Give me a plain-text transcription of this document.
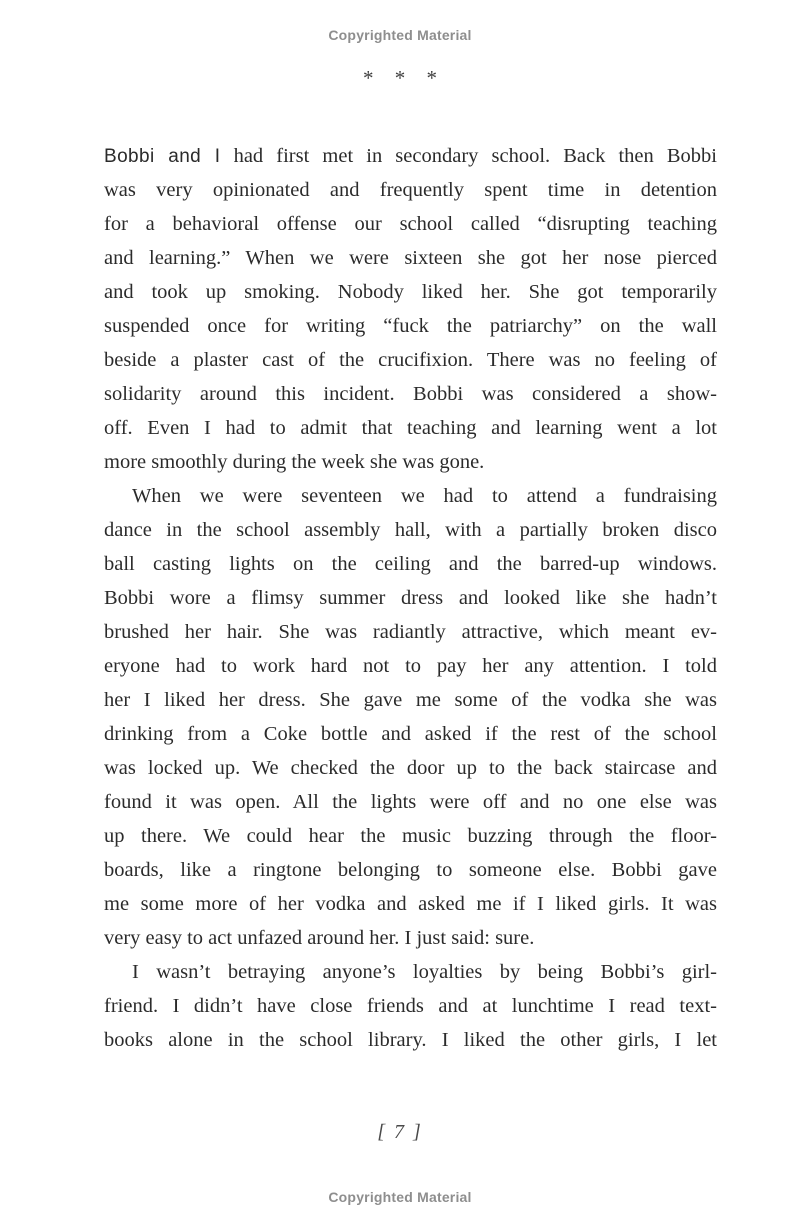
Copyrighted Material
* * *
Bobbi and I had first met in secondary school. Back then Bobbi
was very opinionated and frequently spent time in detention
for a behavioral offense our school called “disrupting teaching
and learning.” When we were sixteen she got her nose pierced
and took up smoking. Nobody liked her. She got temporarily
suspended once for writing “fuck the patriarchy” on the wall
beside a plaster cast of the crucifixion. There was no feeling of
solidarity around this incident. Bobbi was considered a show-
off. Even I had to admit that teaching and learning went a lot
more smoothly during the week she was gone.
When we were seventeen we had to attend a fundraising
dance in the school assembly hall, with a partially broken disco
ball casting lights on the ceiling and the barred-up windows.
Bobbi wore a flimsy summer dress and looked like she hadn’t
brushed her hair. She was radiantly attractive, which meant ev-
eryone had to work hard not to pay her any attention. I told
her I liked her dress. She gave me some of the vodka she was
drinking from a Coke bottle and asked if the rest of the school
was locked up. We checked the door up to the back staircase and
found it was open. All the lights were off and no one else was
up there. We could hear the music buzzing through the floor-
boards, like a ringtone belonging to someone else. Bobbi gave
me some more of her vodka and asked me if I liked girls. It was
very easy to act unfazed around her. I just said: sure.
I wasn’t betraying anyone’s loyalties by being Bobbi’s girl-
friend. I didn’t have close friends and at lunchtime I read text-
books alone in the school library. I liked the other girls, I let
[ 7 ]
Copyrighted Material
